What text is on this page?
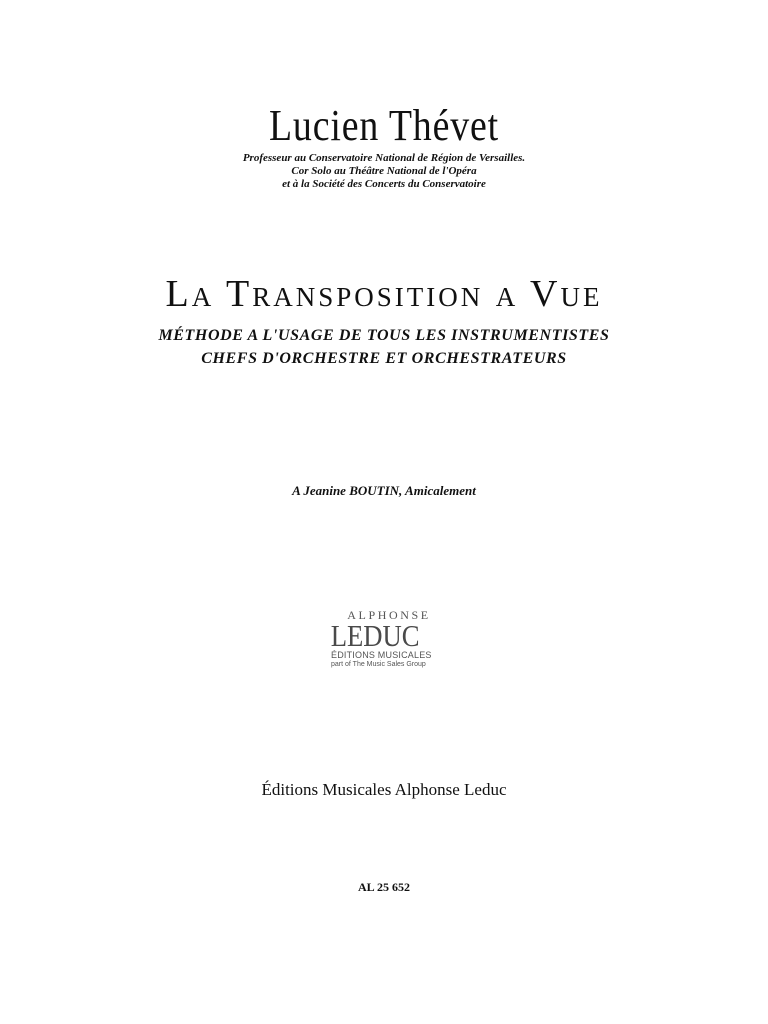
Lucien Thévet
Professeur au Conservatoire National de Région de Versailles.
Cor Solo au Théâtre National de l'Opéra
et à la Société des Concerts du Conservatoire
La Transposition a Vue
MÉTHODE A L'USAGE DE TOUS LES INSTRUMENTISTES
CHEFS D'ORCHESTRE ET ORCHESTRATEURS
A Jeanine BOUTIN, Amicalement
ALPHONSE
LEDUC
ÉDITIONS MUSICALES
part of The Music Sales Group
Éditions Musicales Alphonse Leduc
AL 25 652
